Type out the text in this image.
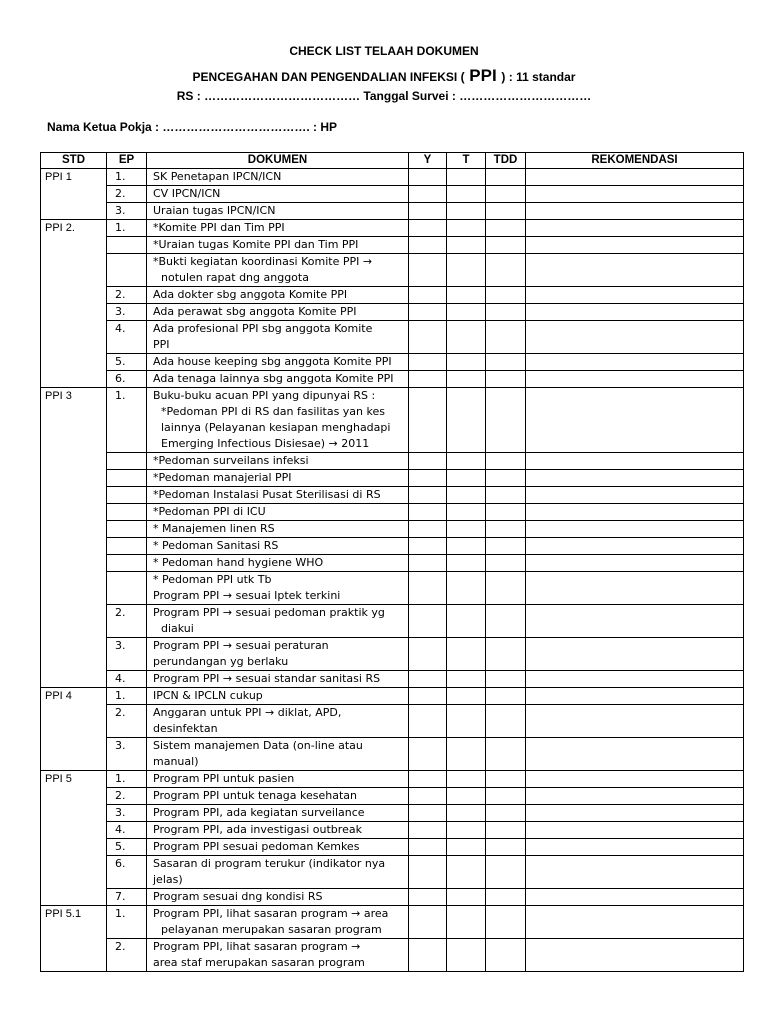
CHECK LIST TELAAH DOKUMEN
PENCEGAHAN DAN PENGENDALIAN INFEKSI ( PPI ) : 11 standar
RS : ………………………………… Tanggal Survei : ……………………………
Nama Ketua Pokja : ………………………………. : HP
STD	EP	DOKUMEN	Y	T	TDD	REKOMENDASI
PPI 1	1.	SK Penetapan IPCN/ICN				

	2.	CV IPCN/ICN				

	3.	Uraian tugas IPCN/ICN				

PPI 2.	1.	*Komite PPI dan Tim PPI				

		*Uraian tugas Komite PPI dan Tim PPI				

		*Bukti kegiatan koordinasi Komite PPI →
notulen rapat dng anggota				

	2.	Ada dokter sbg anggota Komite PPI				

	3.	Ada perawat sbg anggota Komite PPI				

	4.	Ada profesional PPI sbg anggota Komite
PPI				

	5.	Ada house keeping sbg anggota Komite PPI				

	6.	Ada tenaga lainnya sbg anggota Komite PPI				

PPI 3	1.	Buku-buku acuan PPI yang dipunyai RS :
*Pedoman PPI di RS dan fasilitas yan kes
lainnya (Pelayanan kesiapan menghadapi
Emerging Infectious Disiesae) → 2011				

		*Pedoman surveilans infeksi				

		*Pedoman manajerial PPI				

		*Pedoman Instalasi Pusat Sterilisasi di RS				

		*Pedoman PPI di ICU				

		* Manajemen linen RS				

		* Pedoman Sanitasi RS				

		* Pedoman hand hygiene WHO				

		* Pedoman PPI utk Tb
Program PPI → sesuai Iptek terkini				

	2.	Program PPI → sesuai pedoman praktik yg
diakui				

	3.	Program PPI → sesuai peraturan
perundangan yg berlaku				

	4.	Program PPI → sesuai standar sanitasi RS				

PPI 4	1.	IPCN & IPCLN cukup				

	2.	Anggaran untuk PPI → diklat, APD,
desinfektan				

	3.	Sistem manajemen Data (on-line atau
manual)				

PPI 5	1.	Program PPI untuk pasien				

	2.	Program PPI untuk tenaga kesehatan				

	3.	Program PPI, ada kegiatan surveilance				

	4.	Program PPI, ada investigasi outbreak				

	5.	Program PPI sesuai pedoman Kemkes				

	6.	Sasaran di program terukur (indikator nya
jelas)				

	7.	Program sesuai dng kondisi RS				

PPI 5.1	1.	Program PPI, lihat sasaran program → area
pelayanan merupakan sasaran program				

	2.	Program PPI, lihat sasaran program →
area staf merupakan sasaran program				
